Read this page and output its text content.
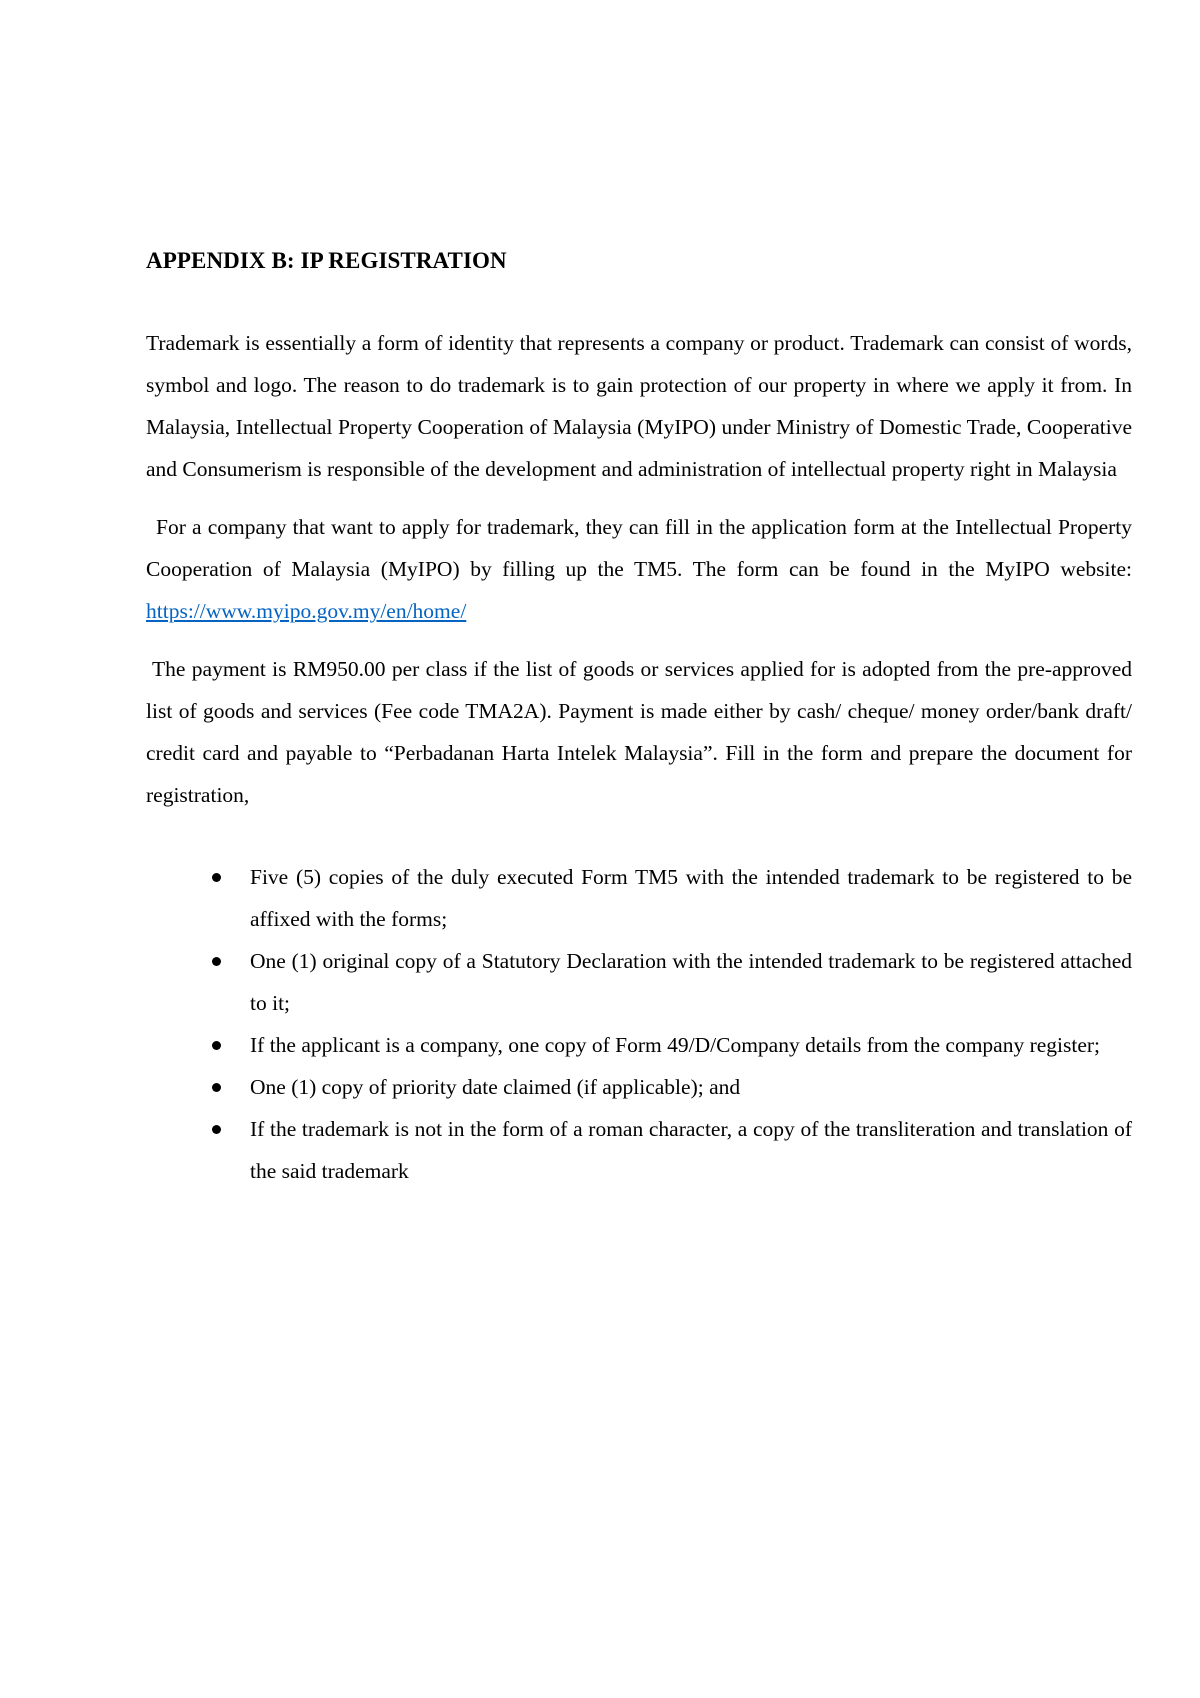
APPENDIX B: IP REGISTRATION

Trademark is essentially a form of identity that represents a company or product. Trademark can consist of words, symbol and logo. The reason to do trademark is to gain protection of our property in where we apply it from. In Malaysia, Intellectual Property Cooperation of Malaysia (MyIPO) under Ministry of Domestic Trade, Cooperative and Consumerism is responsible of the development and administration of intellectual property right in Malaysia

For a company that want to apply for trademark, they can fill in the application form at the Intellectual Property Cooperation of Malaysia (MyIPO) by filling up the TM5. The form can be found in the MyIPO website: https://www.myipo.gov.my/en/home/

The payment is RM950.00 per class if the list of goods or services applied for is adopted from the pre-approved list of goods and services (Fee code TMA2A). Payment is made either by cash/ cheque/ money order/bank draft/ credit card and payable to “Perbadanan Harta Intelek Malaysia”. Fill in the form and prepare the document for registration,

Five (5) copies of the duly executed Form TM5 with the intended trademark to be registered to be affixed with the forms;
One (1) original copy of a Statutory Declaration with the intended trademark to be registered attached to it;
If the applicant is a company, one copy of Form 49/D/Company details from the company register;
One (1) copy of priority date claimed (if applicable); and
If the trademark is not in the form of a roman character, a copy of the transliteration and translation of the said trademark
